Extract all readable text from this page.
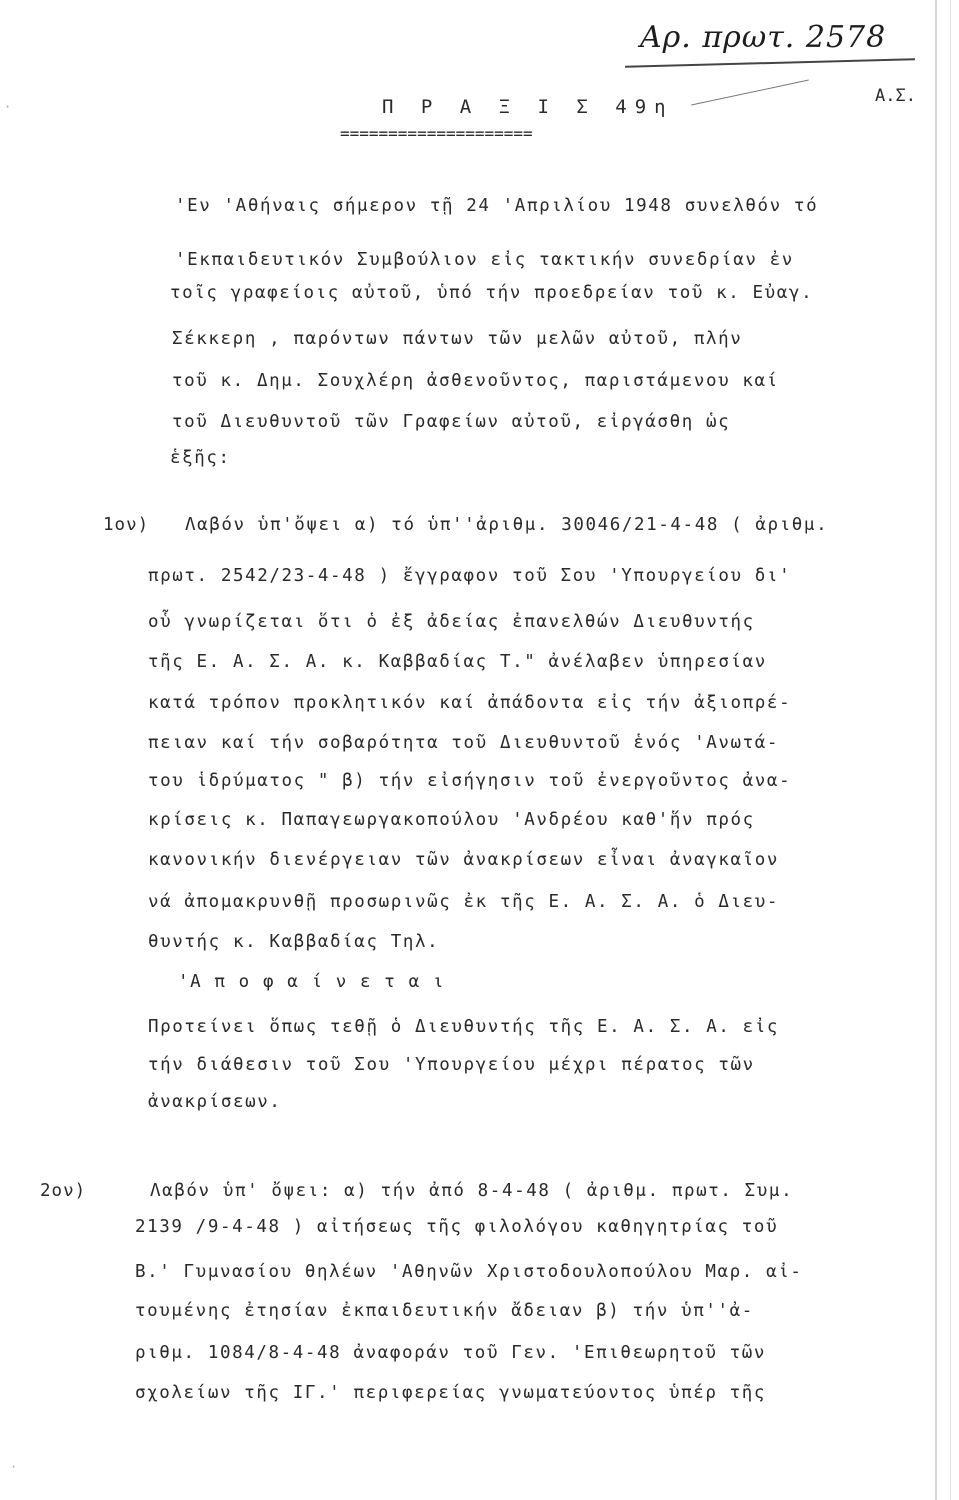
·
Αρ. πρωτ. 2578
Α.Σ.
Π Ρ Α Ξ Ι Σ 49η
====================
'Εν 'Αθήναις σήμερον τῇ 24 'Απριλίου 1948 συνελθόν τό
'Εκπαιδευτικόν Συμβούλιον εἰς τακτικήν συνεδρίαν ἐν
τοῖς γραφείοις αὐτοῦ, ὑπό τήν προεδρείαν τοῦ κ. Εὐαγ.
Σέκκερη , παρόντων πάντων τῶν μελῶν αὐτοῦ, πλήν
τοῦ κ. Δημ. Σουχλέρη ἀσθενοῦντος, παριστάμενου καί
τοῦ Διευθυντοῦ τῶν Γραφείων αὐτοῦ, εἰργάσθη ὡς
ἑξῆς:
1ον) Λαβόν ὑπ'ὄψει α) τό ὑπ''ἀριθμ. 30046/21-4-48 ( ἀριθμ.
πρωτ. 2542/23-4-48 ) ἔγγραφον τοῦ Σου 'Υπουργείου δι'
οὗ γνωρίζεται ὅτι ὁ ἐξ ἀδείας ἐπανελθών Διευθυντής
τῆς Ε. Α. Σ. Α. κ. Καββαδίας Τ." ἀνέλαβεν ὑπηρεσίαν
κατά τρόπον προκλητικόν καί ἀπάδοντα εἰς τήν ἀξιοπρέ-
πειαν καί τήν σοβαρότητα τοῦ Διευθυντοῦ ἑνός 'Ανωτά-
του ἱδρύματος " β) τήν εἰσήγησιν τοῦ ἐνεργοῦντος ἀνα-
κρίσεις κ. Παπαγεωργακοπούλου 'Ανδρέου καθ'ἥν πρός
κανονικήν διενέργειαν τῶν ἀνακρίσεων εἶναι ἀναγκαῖον
νά ἀπομακρυνθῇ προσωρινῶς ἐκ τῆς Ε. Α. Σ. Α. ὁ Διευ-
θυντής κ. Καββαδίας Τηλ.
'Α π ο φ α ί ν ε τ α ι
Προτείνει ὅπως τεθῇ ὁ Διευθυντής τῆς Ε. Α. Σ. Α. εἰς
τήν διάθεσιν τοῦ Σου 'Υπουργείου μέχρι πέρατος τῶν
ἀνακρίσεων.
2ον)	Λαβόν ὑπ' ὄψει: α) τήν ἀπό 8-4-48 ( ἀριθμ. πρωτ. Συμ.
2139 /9-4-48 ) αἰτήσεως τῆς φιλολόγου καθηγητρίας τοῦ
Β.' Γυμνασίου θηλέων 'Αθηνῶν Χριστοδουλοπούλου Μαρ. αἰ-
τουμένης ἐτησίαν ἐκπαιδευτικήν ἄδειαν β) τήν ὑπ''ἀ-
ριθμ. 1084/8-4-48 ἀναφοράν τοῦ Γεν. 'Επιθεωρητοῦ τῶν
σχολείων τῆς ΙΓ.' περιφερείας γνωματεύοντος ὑπέρ τῆς
·
